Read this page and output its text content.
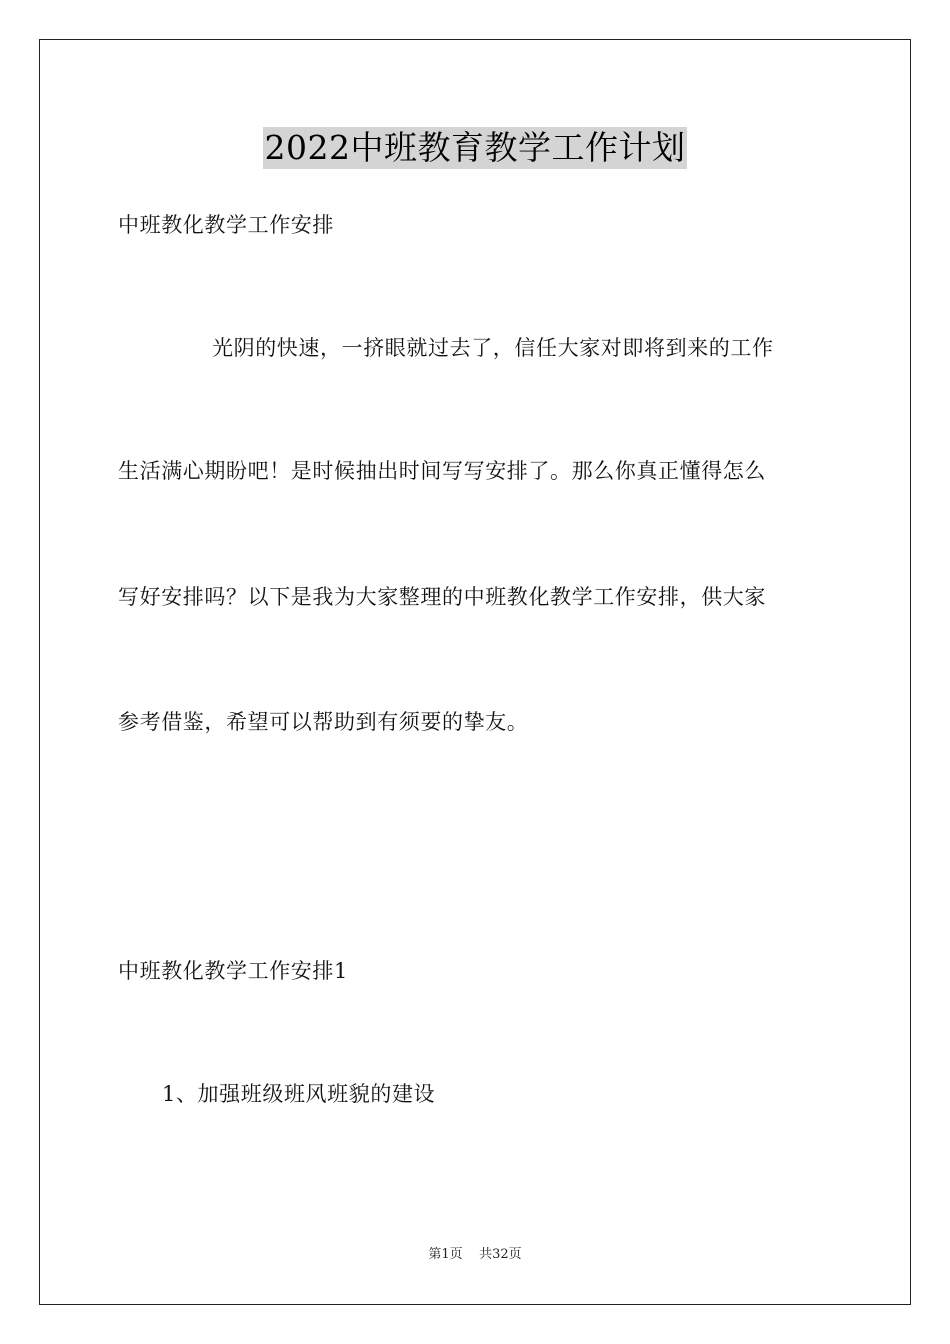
2022中班教育教学工作计划
中班教化教学工作安排
光阴的快速，一挤眼就过去了，信任大家对即将到来的工作
生活满心期盼吧！是时候抽出时间写写安排了。那么你真正懂得怎么
写好安排吗？以下是我为大家整理的中班教化教学工作安排，供大家
参考借鉴，希望可以帮助到有须要的挚友。
中班教化教学工作安排1
1、加强班级班风班貌的建设
第1页 共32页
